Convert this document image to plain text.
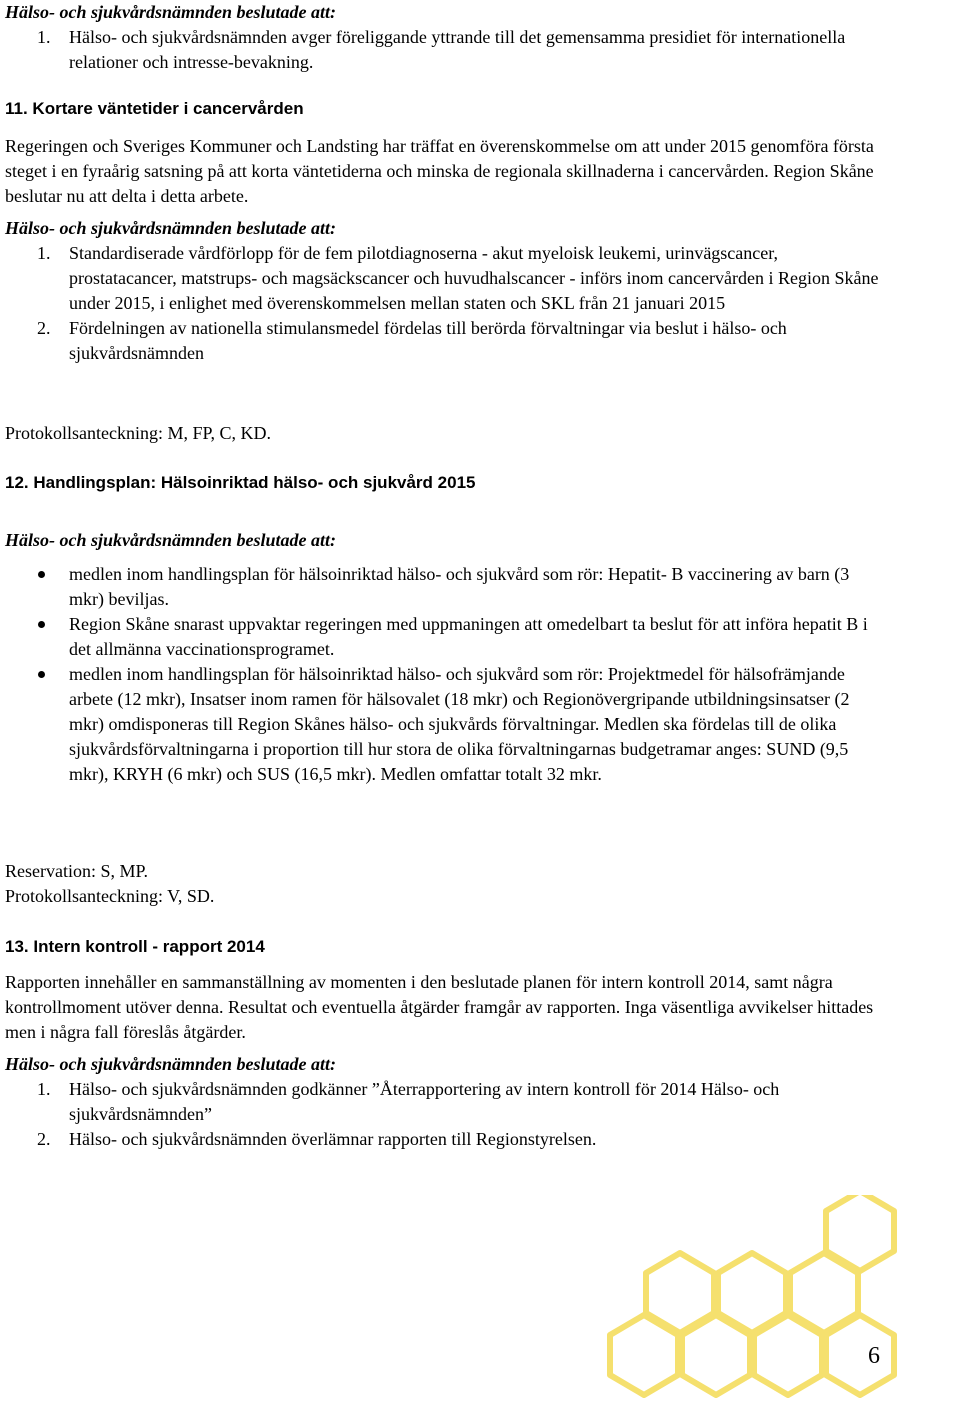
Hälso- och sjukvårdsnämnden beslutade att:

1. Hälso- och sjukvårdsnämnden avger föreliggande yttrande till det gemensamma presidiet för internationella relationer och intresse-bevakning.

11. Kortare väntetider i cancervården

Regeringen och Sveriges Kommuner och Landsting har träffat en överenskommelse om att under 2015 genomföra första steget i en fyraårig satsning på att korta väntetiderna och minska de regionala skillnaderna i cancervården. Region Skåne beslutar nu att delta i detta arbete.

Hälso- och sjukvårdsnämnden beslutade att:

1. Standardiserade vårdförlopp för de fem pilotdiagnoserna - akut myeloisk leukemi, urinvägscancer, prostatacancer, matstrups- och magsäckscancer och huvudhalscancer - införs inom cancervården i Region Skåne under 2015, i enlighet med överenskommelsen mellan staten och SKL från 21 januari 2015
2. Fördelningen av nationella stimulansmedel fördelas till berörda förvaltningar via beslut i hälso- och sjukvårdsnämnden

Protokollsanteckning: M, FP, C, KD.

12. Handlingsplan: Hälsoinriktad hälso- och sjukvård 2015

Hälso- och sjukvårdsnämnden beslutade att:

medlen inom handlingsplan för hälsoinriktad hälso- och sjukvård som rör: Hepatit- B vaccinering av barn (3 mkr) beviljas.
Region Skåne snarast uppvaktar regeringen med uppmaningen att omedelbart ta beslut för att införa hepatit B i det allmänna vaccinationsprogramet.
medlen inom handlingsplan för hälsoinriktad hälso- och sjukvård som rör: Projektmedel för hälsofrämjande arbete (12 mkr), Insatser inom ramen för hälsovalet (18 mkr) och Regionövergripande utbildningsinsatser (2 mkr) omdisponeras till Region Skånes hälso- och sjukvårds förvaltningar. Medlen ska fördelas till de olika sjukvårdsförvaltningarna i proportion till hur stora de olika förvaltningarnas budgetramar anges: SUND (9,5 mkr), KRYH (6 mkr) och SUS (16,5 mkr). Medlen omfattar totalt 32 mkr.

Reservation: S, MP.

Protokollsanteckning: V, SD.

13. Intern kontroll - rapport 2014

Rapporten innehåller en sammanställning av momenten i den beslutade planen för intern kontroll 2014, samt några kontrollmoment utöver denna. Resultat och eventuella åtgärder framgår av rapporten. Inga väsentliga avvikelser hittades men i några fall föreslås åtgärder.

Hälso- och sjukvårdsnämnden beslutade att:

1. Hälso- och sjukvårdsnämnden godkänner ”Återrapportering av intern kontroll för 2014 Hälso- och sjukvårdsnämnden”
2. Hälso- och sjukvårdsnämnden överlämnar rapporten till Regionstyrelsen.
6
